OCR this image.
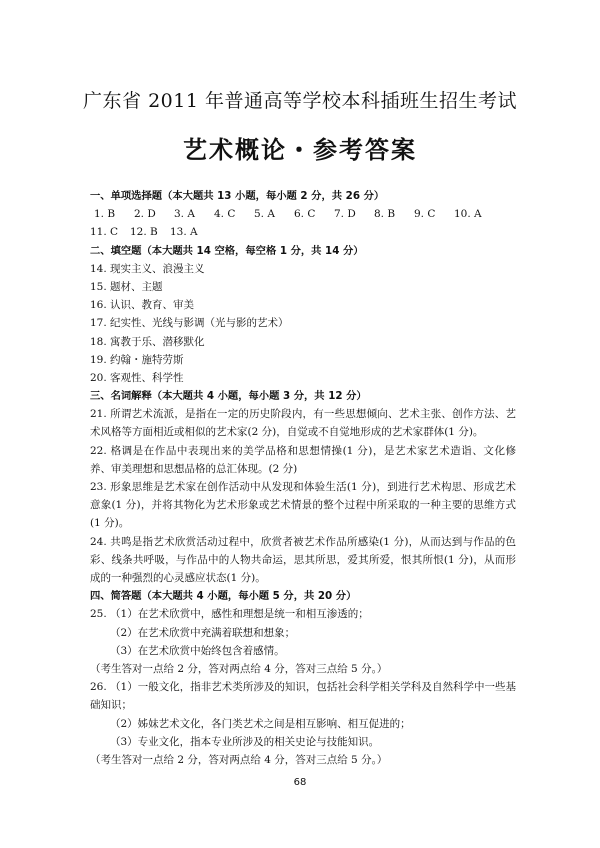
广东省 2011 年普通高等学校本科插班生招生考试
艺术概论・参考答案
一、单项选择题（本大题共 13 小题，每小题 2 分，共 26 分）
1. B	2. D	3. A	4. C	5. A	6. C	7. D	8. B	9. C	10. A
11. C	12. B	13. A
二、填空题（本大题共 14 空格，每空格 1 分，共 14 分）
14. 现实主义、浪漫主义
15. 题材、主题
16. 认识、教育、审美
17. 纪实性、光线与影调（光与影的艺术）
18. 寓教于乐、潜移默化
19. 约翰・施特劳斯
20. 客观性、科学性
三、名词解释（本大题共 4 小题，每小题 3 分，共 12 分）
21. 所谓艺术流派，是指在一定的历史阶段内，有一些思想倾向、艺术主张、创作方法、艺术风格等方面相近或相似的艺术家(2 分)，自觉或不自觉地形成的艺术家群体(1 分)。
22. 格调是在作品中表现出来的美学品格和思想情操(1 分)，是艺术家艺术造诣、文化修养、审美理想和思想品格的总汇体现。(2 分)
23. 形象思维是艺术家在创作活动中从发现和体验生活(1 分)，到进行艺术构思、形成艺术意象(1 分)，并将其物化为艺术形象或艺术情景的整个过程中所采取的一种主要的思维方式(1 分)。
24. 共鸣是指艺术欣赏活动过程中，欣赏者被艺术作品所感染(1 分)，从而达到与作品的色彩、线条共呼吸，与作品中的人物共命运，思其所思，爱其所爱，恨其所恨(1 分)，从而形成的一种强烈的心灵感应状态(1 分)。
四、简答题（本大题共 4 小题，每小题 5 分，共 20 分）
25. （1）在艺术欣赏中，感性和理想是统一和相互渗透的；
（2）在艺术欣赏中充满着联想和想象；
（3）在艺术欣赏中始终包含着感情。
（考生答对一点给 2 分，答对两点给 4 分，答对三点给 5 分。）
26. （1）一般文化，指非艺术类所涉及的知识，包括社会科学相关学科及自然科学中一些基础知识；
（2）姊妹艺术文化，各门类艺术之间是相互影响、相互促进的；
（3）专业文化，指本专业所涉及的相关史论与技能知识。
（考生答对一点给 2 分，答对两点给 4 分，答对三点给 5 分。）
68
